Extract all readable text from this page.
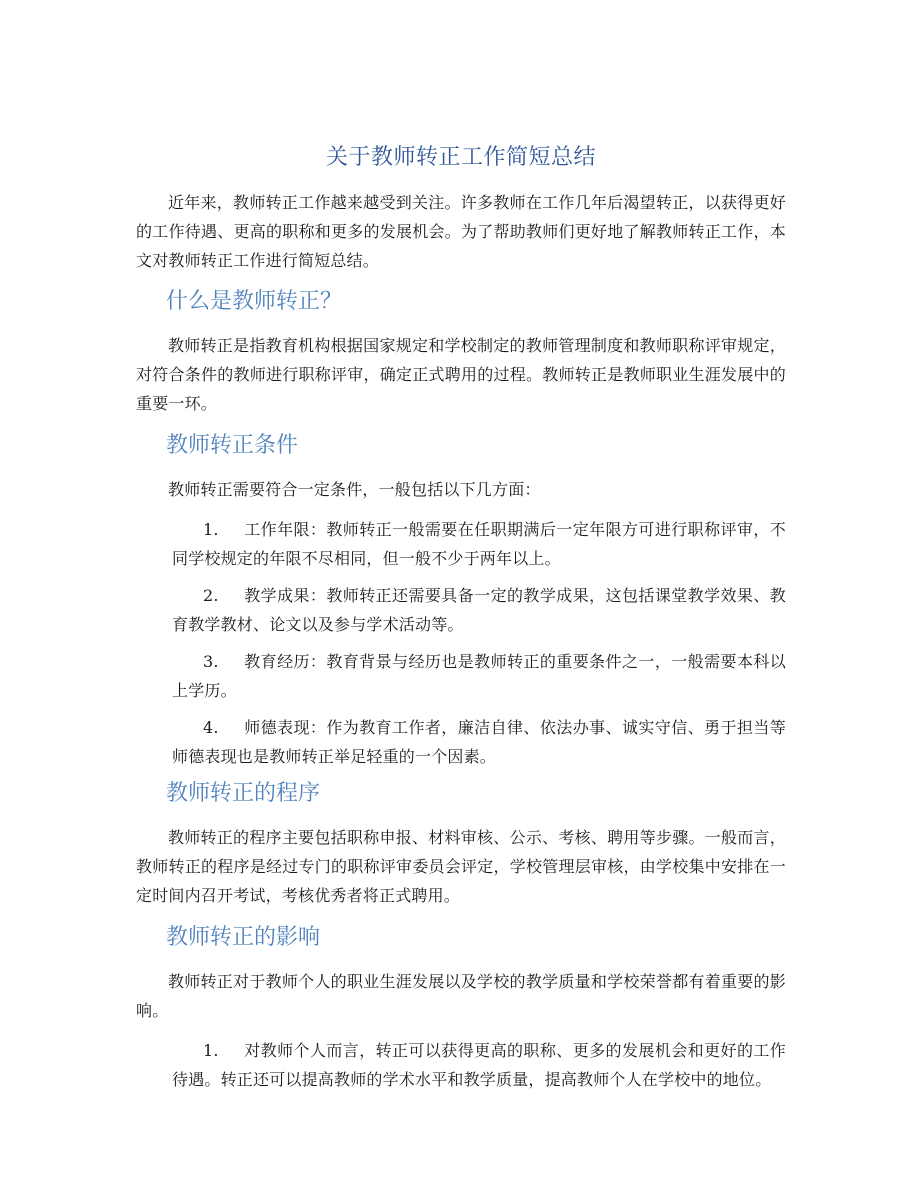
关于教师转正工作简短总结

近年来，教师转正工作越来越受到关注。许多教师在工作几年后渴望转正，以获得更好的工作待遇、更高的职称和更多的发展机会。为了帮助教师们更好地了解教师转正工作，本文对教师转正工作进行简短总结。

什么是教师转正？

教师转正是指教育机构根据国家规定和学校制定的教师管理制度和教师职称评审规定，对符合条件的教师进行职称评审，确定正式聘用的过程。教师转正是教师职业生涯发展中的重要一环。

教师转正条件

教师转正需要符合一定条件，一般包括以下几方面：

1. 工作年限：教师转正一般需要在任职期满后一定年限方可进行职称评审，不同学校规定的年限不尽相同，但一般不少于两年以上。
2. 教学成果：教师转正还需要具备一定的教学成果，这包括课堂教学效果、教育教学教材、论文以及参与学术活动等。
3. 教育经历：教育背景与经历也是教师转正的重要条件之一，一般需要本科以上学历。
4. 师德表现：作为教育工作者，廉洁自律、依法办事、诚实守信、勇于担当等师德表现也是教师转正举足轻重的一个因素。
教师转正的程序

教师转正的程序主要包括职称申报、材料审核、公示、考核、聘用等步骤。一般而言，教师转正的程序是经过专门的职称评审委员会评定，学校管理层审核，由学校集中安排在一定时间内召开考试，考核优秀者将正式聘用。

教师转正的影响

教师转正对于教师个人的职业生涯发展以及学校的教学质量和学校荣誉都有着重要的影响。

1. 对教师个人而言，转正可以获得更高的职称、更多的发展机会和更好的工作待遇。转正还可以提高教师的学术水平和教学质量，提高教师个人在学校中的地位。
